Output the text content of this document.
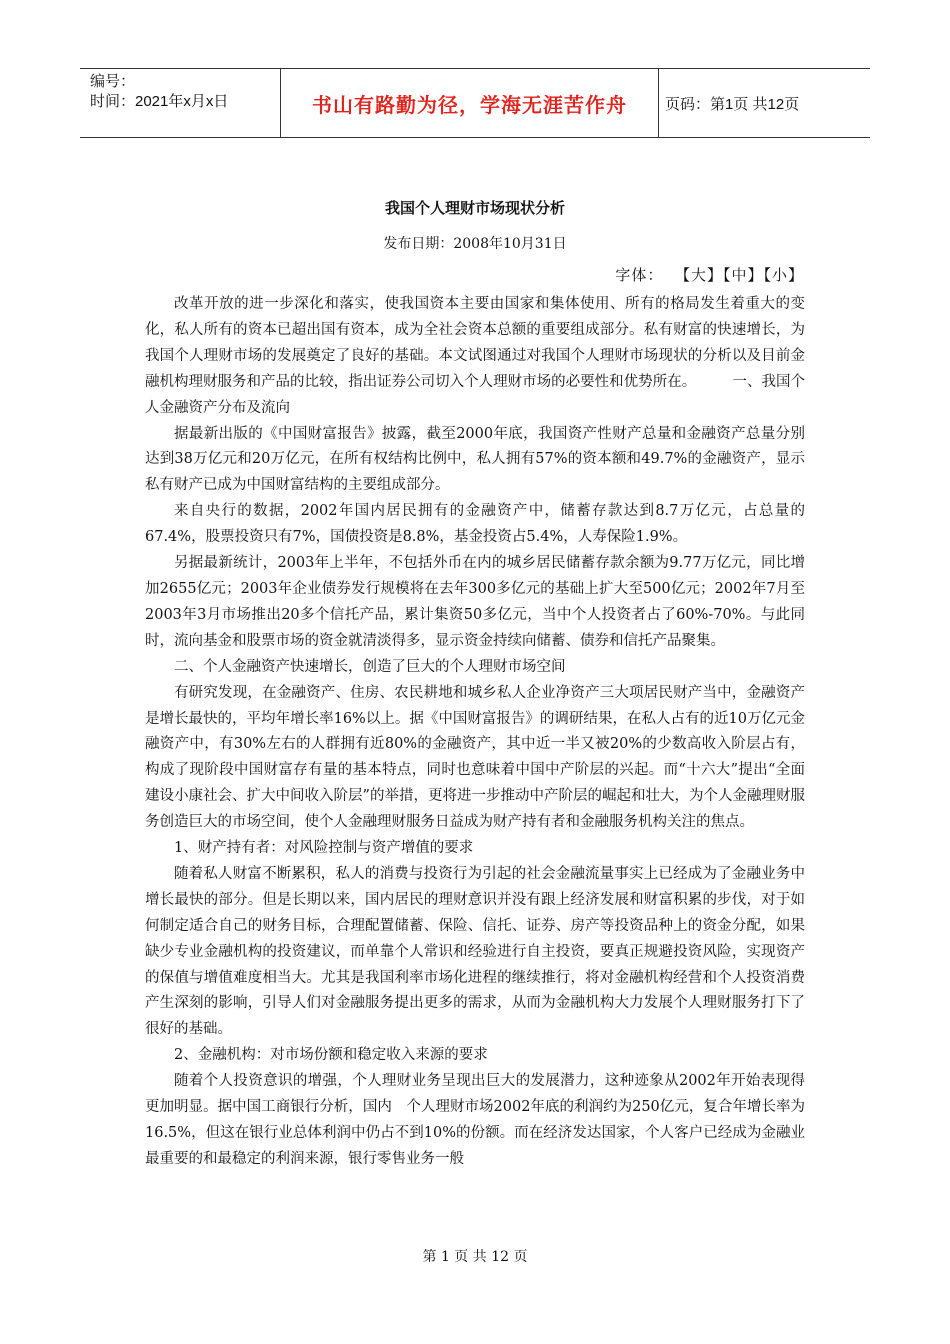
编号：
时间：2021年x月x日	书山有路勤为径，学海无涯苦作舟	页码：第1页 共12页
我国个人理财市场现状分析
发布日期：2008年10月31日
字体： 【大】【中】【小】

改革开放的进一步深化和落实，使我国资本主要由国家和集体使用、所有的格局发生着重大的变化，私人所有的资本已超出国有资本，成为全社会资本总额的重要组成部分。私有财富的快速增长，为我国个人理财市场的发展奠定了良好的基础。本文试图通过对我国个人理财市场现状的分析以及目前金融机构理财服务和产品的比较，指出证券公司切入个人理财市场的必要性和优势所在。　　　一、我国个人金融资产分布及流向

据最新出版的《中国财富报告》披露，截至2000年底，我国资产性财产总量和金融资产总量分别达到38万亿元和20万亿元，在所有权结构比例中，私人拥有57%的资本额和49.7%的金融资产，显示私有财产已成为中国财富结构的主要组成部分。

来自央行的数据，2002年国内居民拥有的金融资产中，储蓄存款达到8.7万亿元，占总量的67.4%，股票投资只有7%，国债投资是8.8%，基金投资占5.4%，人寿保险1.9%。

另据最新统计，2003年上半年，不包括外币在内的城乡居民储蓄存款余额为9.77万亿元，同比增加2655亿元；2003年企业债券发行规模将在去年300多亿元的基础上扩大至500亿元；2002年7月至2003年3月市场推出20多个信托产品，累计集资50多亿元，当中个人投资者占了60%-70%。与此同时，流向基金和股票市场的资金就清淡得多，显示资金持续向储蓄、债券和信托产品聚集。

二、个人金融资产快速增长，创造了巨大的个人理财市场空间

有研究发现，在金融资产、住房、农民耕地和城乡私人企业净资产三大项居民财产当中，金融资产是增长最快的，平均年增长率16%以上。据《中国财富报告》的调研结果，在私人占有的近10万亿元金融资产中，有30%左右的人群拥有近80%的金融资产，其中近一半又被20%的少数高收入阶层占有，构成了现阶段中国财富存有量的基本特点，同时也意味着中国中产阶层的兴起。而“十六大”提出“全面建设小康社会、扩大中间收入阶层”的举措，更将进一步推动中产阶层的崛起和壮大，为个人金融理财服务创造巨大的市场空间，使个人金融理财服务日益成为财产持有者和金融服务机构关注的焦点。

1、财产持有者：对风险控制与资产增值的要求

随着私人财富不断累积，私人的消费与投资行为引起的社会金融流量事实上已经成为了金融业务中增长最快的部分。但是长期以来，国内居民的理财意识并没有跟上经济发展和财富积累的步伐，对于如何制定适合自己的财务目标，合理配置储蓄、保险、信托、证券、房产等投资品种上的资金分配，如果缺少专业金融机构的投资建议，而单靠个人常识和经验进行自主投资，要真正规避投资风险，实现资产的保值与增值难度相当大。尤其是我国利率市场化进程的继续推行，将对金融机构经营和个人投资消费产生深刻的影响，引导人们对金融服务提出更多的需求，从而为金融机构大力发展个人理财服务打下了很好的基础。

2、金融机构：对市场份额和稳定收入来源的要求

随着个人投资意识的增强，个人理财业务呈现出巨大的发展潜力，这种迹象从2002年开始表现得更加明显。据中国工商银行分析，国内　个人理财市场2002年底的利润约为250亿元，复合年增长率为16.5%，但这在银行业总体利润中仍占不到10%的份额。而在经济发达国家，个人客户已经成为金融业最重要的和最稳定的利润来源，银行零售业务一般

第 1 页 共 12 页
